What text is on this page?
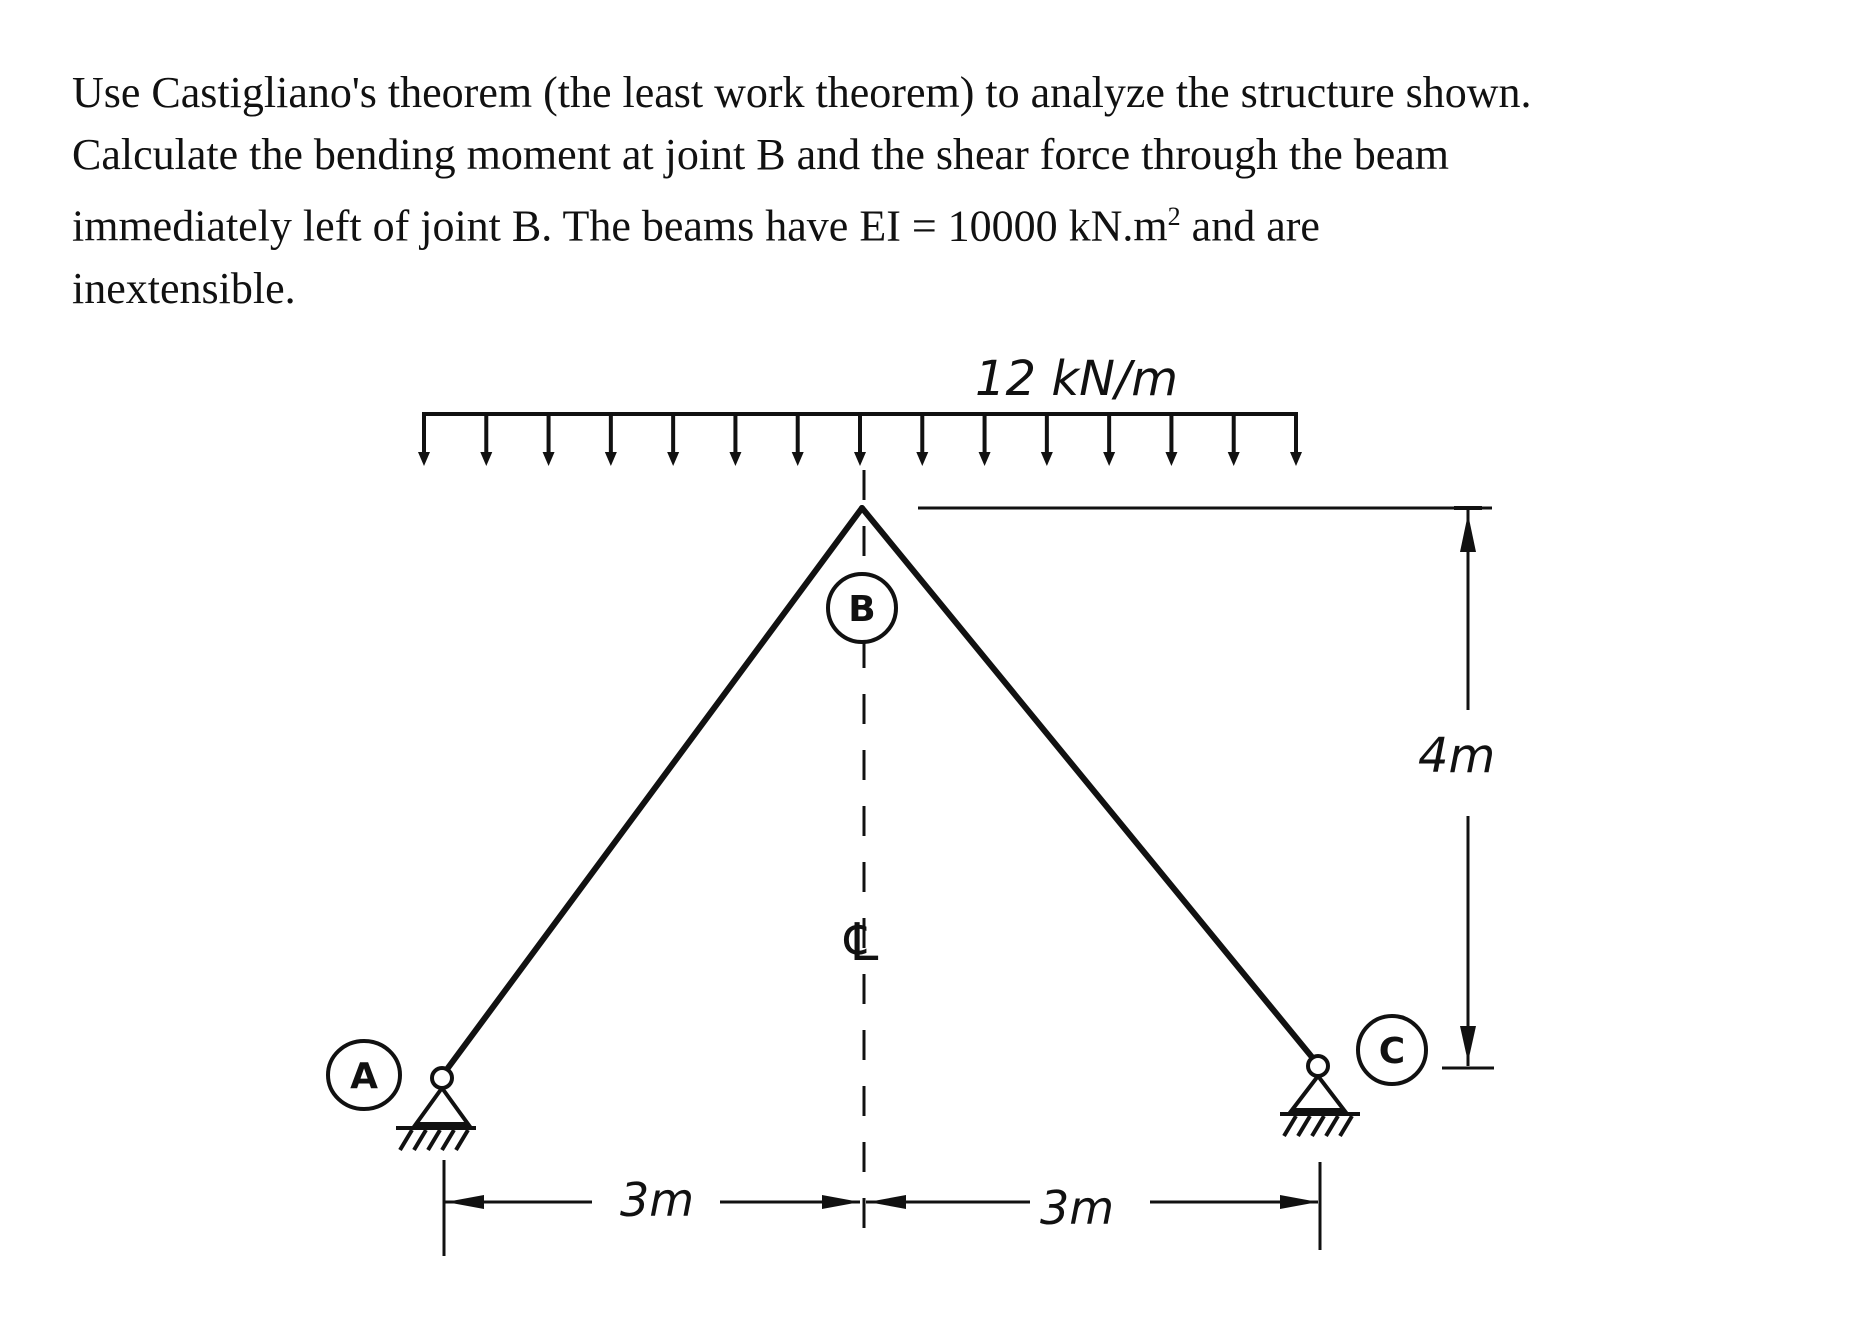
Use Castigliano's theorem (the least work theorem) to analyze the structure shown.

Calculate the bending moment at joint B and the shear force through the beam

immediately left of joint B. The beams have EI = 10000 $kN.m^2$ and are

inextensible.

12 kN/m
℄
B
A
C
4m
3m	3m
